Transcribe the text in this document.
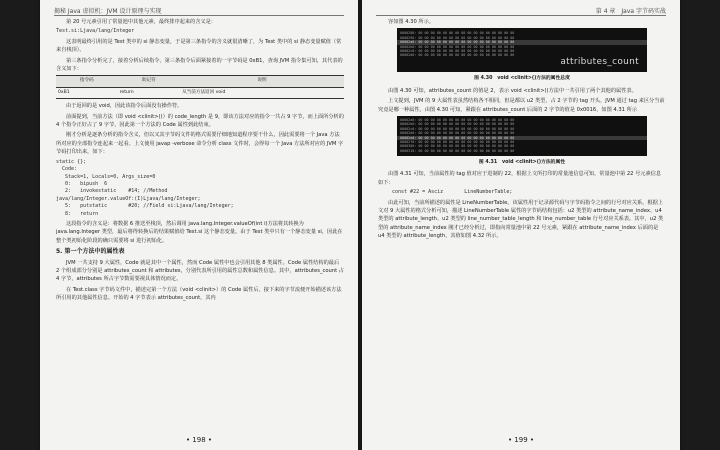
揭秘 Java 虚拟机：JVM 设计原理与实现

第 20 号元素引用了常量池中其他元素，最终排序起来的含义是：

Test.si:Ljava/lang/Integer

这表明最终引用的是 Test 类中的 si 静态变量，于是第三条指令的含义就很清晰了，为 Test 类中的 si 静态变量赋值（常来自栈顶）。

第三条指令分析完了，接着分析后续指令，第三条指令后面紧接着的一字节码是 0xB1，查询 JVM 指令集可知，其代表的含义如下：

指令码	助记符	说明
0xB1	return	从当前方法返回 void

由于返回的是 void，因此该指令后面没有操作符。

前面提到，当前方法（即 void <clinit>()）的 code_length 是 9，即该方法对应的指令一共占 9 字节，而上面所分析的 4 个指令正好占了 9 字节，因此第一个方法的 Code 属性到此结束。

刚才分析是逐条分析的指令含义，但以又其字节码文件的格式需要仔细地知道程序要干什么，因此需要将一个 Java 方法所对应的全部指令连起来一起看。上文使用 javap -verbose 命令分析 class 文件时，会得每一个 Java 方法所对应的 JVM 字节码打印出来，如下：

static {};
Code:
Stack=1, Locals=0, Args_size=0
0:   bipush  6
2:   invokestatic    #14; //Method
java/lang/Integer.valueOf:(I)Ljava/lang/Integer;
5:   putstatic       #20; //Field si:Ljava/lang/Integer;
8:   return

这段指令的含义是：将数据 6 推送至栈顶，然后调用 java.lang.Integer.valueOf(int i)方法将其转换为 java.lang.Integer 类型，最后将得转换后的结果赋值给 Test.si 这个静态变量。由于 Test 类中只有一个静态变量 si，因此在整个类初始化阶段的确只需要将 si 进行初始化。

5. 第一个方法中的属性表

JVM 一共支持 9 大属性，Code 就是其中一个属性，然而 Code 属性中也会引用其他 8 类属性。Code 属性结构的最后 2 个组成部分分别是 attributes_count 和 attributes，分别代表所引用的属性总数和属性信息。其中，attributes_count 占 4 字节，attributes 所占字节数需要视具体情况而定。

在 Test.class 字节码文件中，描述完第一个方法（void <clinit>）的 Code 属性后，接下来的字节流便开始描述该方法所引用的其他属性信息。开始的 4 字节表示 attributes_count，其内

• 198 •
第 4 章　Java 字节码实战

容如图 4.30 所示。

0000280: 00 00 00 00 00 06 00 00 00 00 00 00 00 00 00 00
0000290: 00 00 00 00 00 00 00 00 00 00 00 00 00 00 00 00
00002a0: 00 00 00 00 00 00 00 00 00 00 00 00 00 00 00 00
00002b0: 00 00 00 00 00 00 00 00 00 00 00 00 00 00 00 00
00002c0: 00 00 00 00 00 00 00 00 00 00 00 00 00 00 00 00
00002d0: 00 00 00 00 00 00 00 00 00 00 00 00 00 00 00 00
attributes_count
图 4.30　void <clinit>()方法的属性总度

由图 4.30 可知，attributes_count 的值是 2，表示 void <clinit>()方法中一共引用了两个其他的属性表。

上文提到，JVM 的 9 大属性表虽然结构各不相同，但是都以 u2 类型，占 2 字节的 tag 开头，JVM 通过 tag 来区分当前究竟是哪一种属性。由图 4.30 可知，紧跟在 attributes_count 后面的 2 字节的值是 0x0016，如图 4.31 所示

00002a0: 00 00 00 00 00 00 00 00 00 00 00 00 00 00 00 00
00002b0: 00 00 00 00 00 00 00 00 00 00 00 00 00 00 00 00
00002c0: 00 00 00 00 00 00 00 00 00 00 00 00 00 00 00 00
00002d0: 00 00 00 00 00 00 00 00 00 00 00 00 00 00 00 00
00002e0: 00 00 00 00 00 00 00 00 00 00 00 00 00 00 00 00
00002f0: 00 00 00 00 00 00 00 00 00 00 00 00 00 00 00 00
0000300: 00 00 00 00 00 00 00 00 00 00 00 00 00 00 00 00
0000310: 00 00 00 00 00 00 00 00 00 00 00 00 00 00 00 00
图 4.31　void <clinit>()方法的属性

由图 4.31 可知，当前属性的 tag 值对应于进制的 22，根据上文所打印的常量池信息可知，常量池中第 22 号元素信息如下：

const #22 = Asciz       LineNumberTable;

由此可知，当前所描述的属性是 LineNumberTable。该属性用于记录源代码与字节码指令之间的行号对应关系。根据上文对 9 大属性的格式分析可知，描述 LineNumberTable 属性的字节码结构包括：u2 类型的 attribute_name_index、u4 类型的 attribute_length、u2 类型的 line_number_table_length 和 line_number_table 行号对应关系表。其中，u2 类型的 attribute_name_index 刚才已经分析过，即指向常量池中第 22 号元素，紧跟在 attribute_name_index 后面的是 u4 类型的 attribute_length，其值如图 4.32 所示。

• 199 •
